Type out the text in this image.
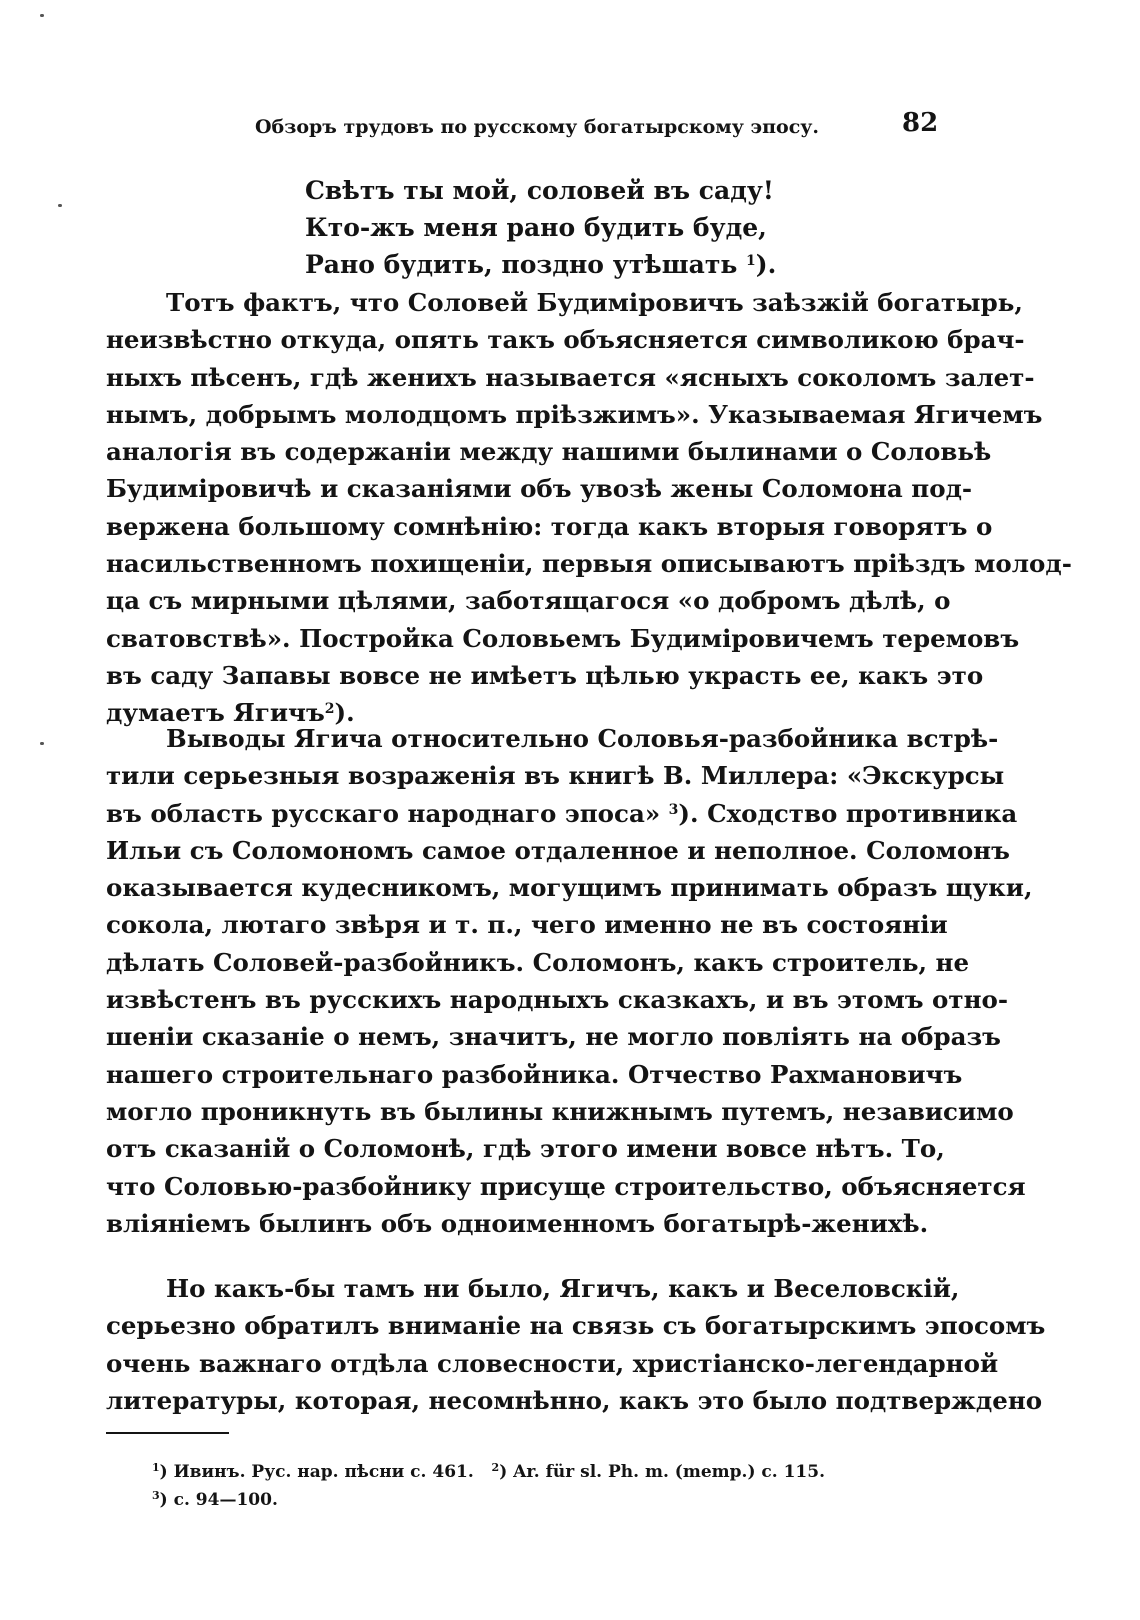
Обзоръ трудовъ по русскому богатырскому эпосу.	82
Свѣтъ ты мой, соловей въ саду!
Кто-жъ меня рано будить буде,
Рано будить, поздно утѣшать $^1$).
Тотъ фактъ, что Соловей Будимiровичъ заѣзжiй богатырь,
неизвѣстно откуда, опять такъ объясняется символикою брач-
ныхъ пѣсенъ, гдѣ женихъ называется «ясныхъ соколомъ залет-
нымъ, добрымъ молодцомъ прiѣзжимъ». Указываемая Ягичемъ
аналогiя въ содержанiи между нашими былинами о Соловьѣ
Будимiровичѣ и сказанiями объ увозѣ жены Соломона под-
вержена большому сомнѣнiю: тогда какъ вторыя говорятъ о
насильственномъ похищенiи, первыя описываютъ прiѣздъ молод-
ца съ мирными цѣлями, заботящагося «о добромъ дѣлѣ, о
сватовствѣ». Постройка Соловьемъ Будимiровичемъ теремовъ
въ саду Запавы вовсе не имѣетъ цѣлью украсть ее, какъ это
думаетъ Ягичъ$^2$).
Выводы Ягича относительно Соловья-разбойника встрѣ-
тили серьезныя возраженiя въ книгѣ В. Миллера: «Экскурсы
въ область русскаго народнаго эпоса» $^3$). Сходство противника
Ильи съ Соломономъ самое отдаленное и неполное. Соломонъ
оказывается кудесникомъ, могущимъ принимать образъ щуки,
сокола, лютаго звѣря и т. п., чего именно не въ состоянiи
дѣлать Соловей-разбойникъ. Соломонъ, какъ строитель, не
извѣстенъ въ русскихъ народныхъ сказкахъ, и въ этомъ отно-
шенiи сказанiе о немъ, значитъ, не могло повлiять на образъ
нашего строительнаго разбойника. Отчество Рахмановичъ
могло проникнуть въ былины книжнымъ путемъ, независимо
отъ сказанiй о Соломонѣ, гдѣ этого имени вовсе нѣтъ. То,
что Соловью-разбойнику присуще строительство, объясняется
влiянiемъ былинъ объ одноименномъ богатырѣ-женихѣ.
Но какъ-бы тамъ ни было, Ягичъ, какъ и Веселовскiй,
серьезно обратилъ вниманiе на связь съ богатырскимъ эпосомъ
очень важнаго отдѣла словесности, христiанско-легендарной
литературы, которая, несомнѣнно, какъ это было подтверждено
$^1$) Ивинъ. Рус. нар. пѣсни с. 461. $^2$) Ar. für sl. Ph. m. (memp.) c. 115.
$^3$) с. 94—100.
